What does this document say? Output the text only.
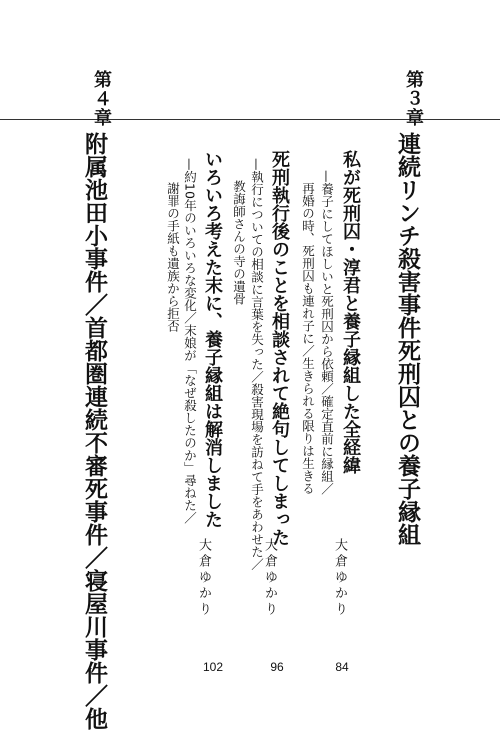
第３章
連続リンチ殺害事件死刑囚との養子縁組
私が死刑囚・淳君と養子縁組した全経緯
—養子にしてほしいと死刑囚から依頼／確定直前に縁組／
再婚の時、死刑囚も連れ子に／生きられる限りは生きる
大倉ゆかり
84
死刑執行後のことを相談されて絶句してしまった
—執行についての相談に言葉を失った／殺害現場を訪ねて手をあわせた／
教誨師さんの寺の遺骨
大倉ゆかり
96
いろいろ考えた末に、養子縁組は解消しました
—約10年のいろいろな変化／末娘が「なぜ殺したのか」尋ねた／
謝罪の手紙も遺族から拒否
大倉ゆかり
102
第４章
附属池田小事件／首都圏連続不審死事件／寝屋川事件／他
